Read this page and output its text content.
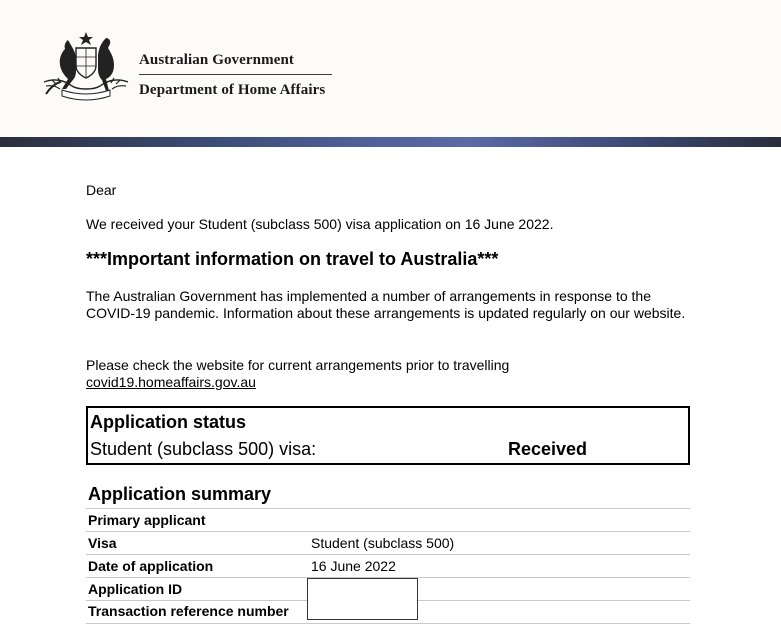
Australian Government
Department of Home Affairs
Dear
We received your Student (subclass 500) visa application on 16 June 2022.
***Important information on travel to Australia***
The Australian Government has implemented a number of arrangements in response to the COVID-19 pandemic. Information about these arrangements is updated regularly on our website.
Please check the website for current arrangements prior to travelling
covid19.homeaffairs.gov.au
Application status
Student (subclass 500) visa:	Received
Application summary
Primary applicant
Visa	Student (subclass 500)
Date of application	16 June 2022
Application ID
Transaction reference number
